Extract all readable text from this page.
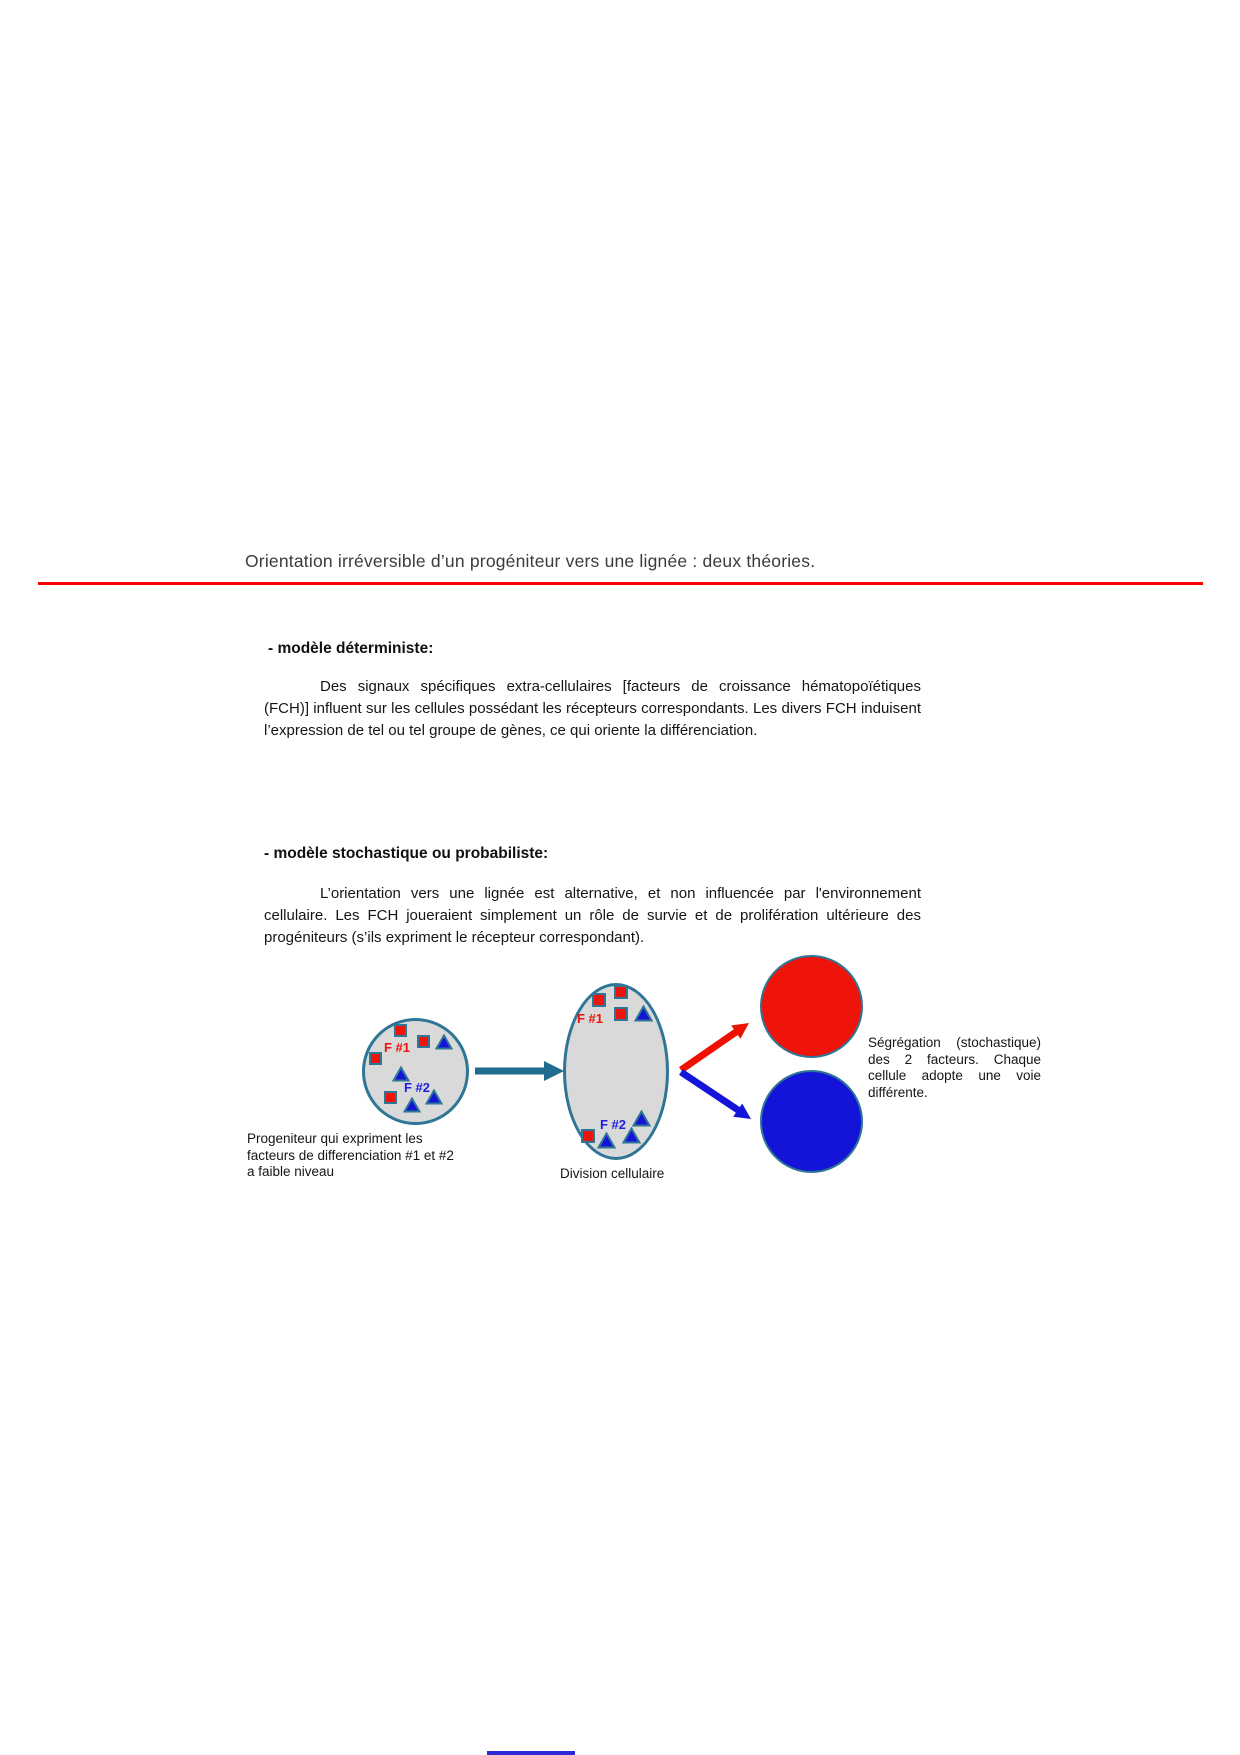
Orientation irréversible d’un progéniteur vers une lignée : deux théories.
- modèle déterministe:
Des signaux spécifiques extra-cellulaires [facteurs de croissance hématopoïétiques (FCH)] influent sur les cellules possédant les récepteurs correspondants. Les divers FCH induisent l’expression de tel ou tel groupe de gènes, ce qui oriente la différenciation.
- modèle stochastique ou probabiliste:
L’orientation vers une lignée est alternative, et non influencée par l'environnement cellulaire. Les FCH joueraient simplement un rôle de survie et de prolifération ultérieure des progéniteurs (s’ils expriment le récepteur correspondant).
F #1
F #2
F #1
F #2
Progeniteur qui expriment les
facteurs de differenciation #1 et #2
a faible niveau	Division cellulaire
Ségrégation (stochastique) des 2 facteurs. Chaque cellule adopte une voie différente.
